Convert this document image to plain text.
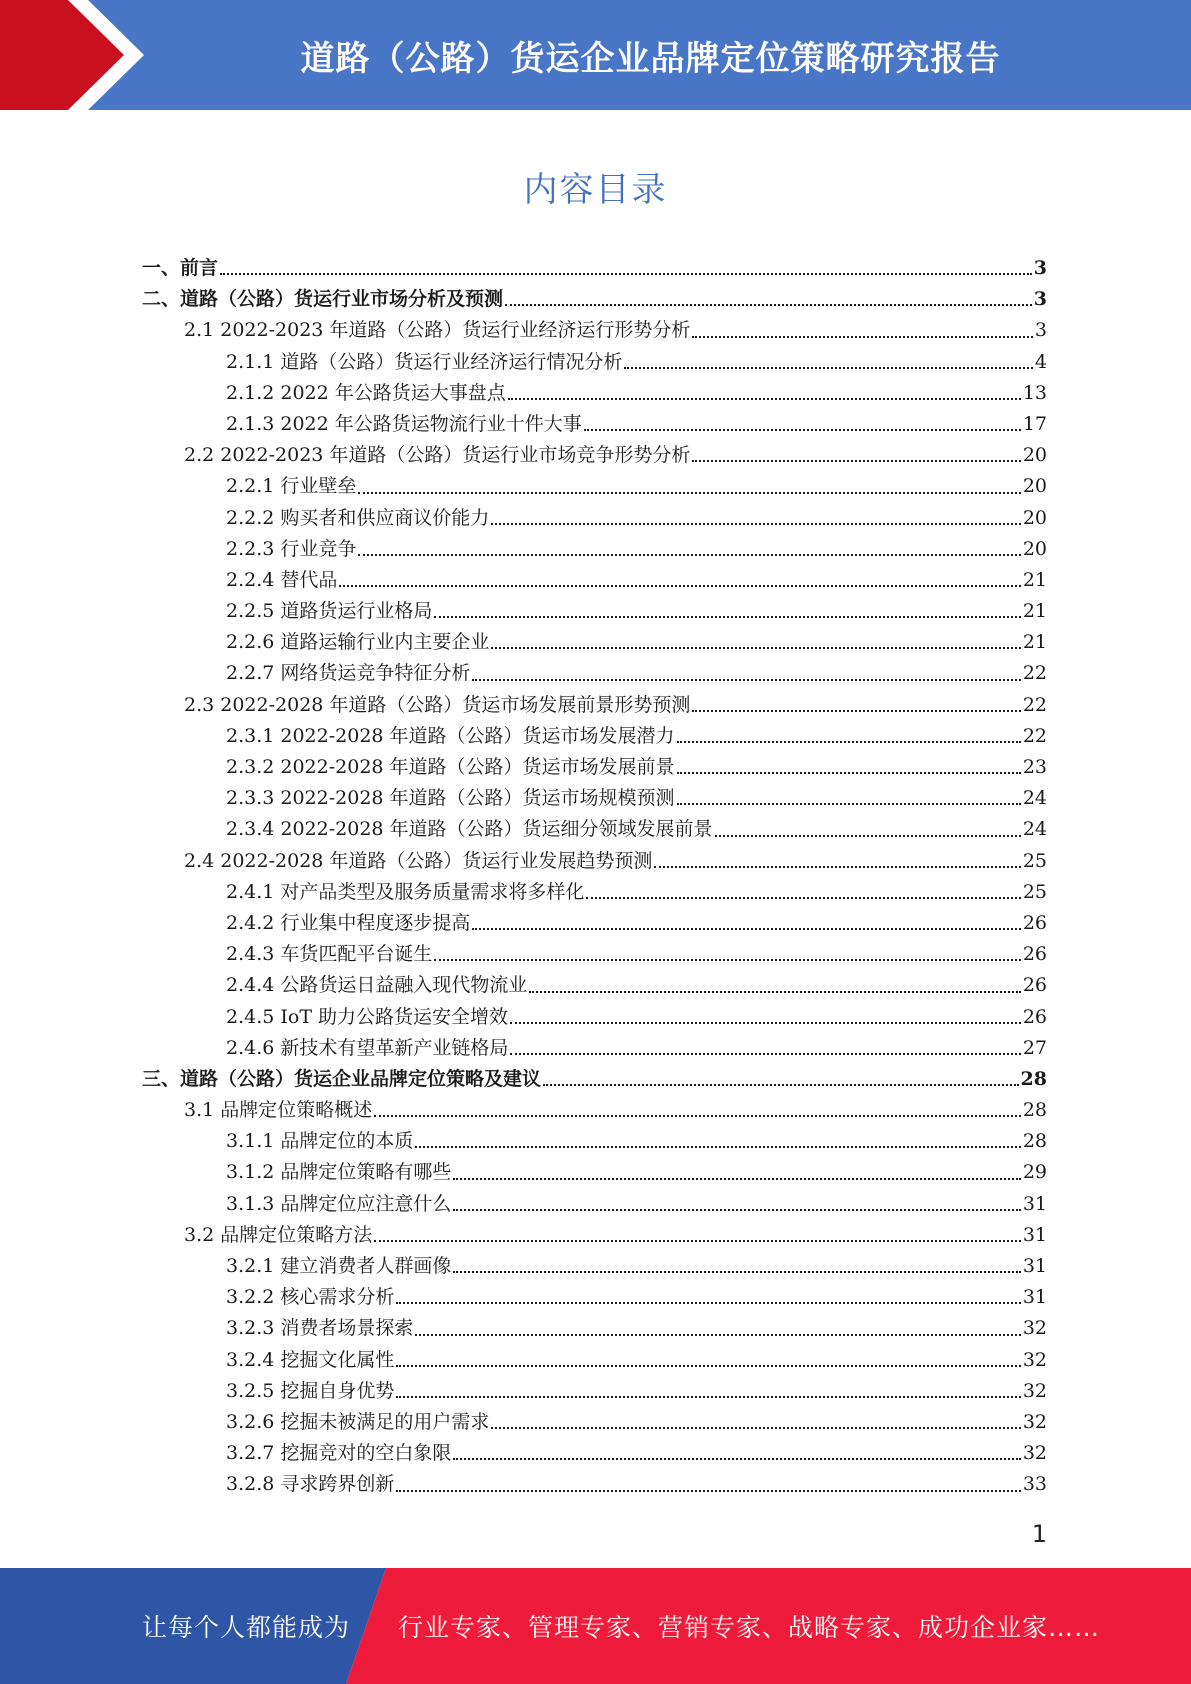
道路（公路）货运企业品牌定位策略研究报告
内容目录
一、前言	3
二、道路（公路）货运行业市场分析及预测	3
2.1 2022-2023 年道路（公路）货运行业经济运行形势分析	3
2.1.1 道路（公路）货运行业经济运行情况分析	4
2.1.2 2022 年公路货运大事盘点	13
2.1.3 2022 年公路货运物流行业十件大事	17
2.2 2022-2023 年道路（公路）货运行业市场竞争形势分析	20
2.2.1 行业壁垒	20
2.2.2 购买者和供应商议价能力	20
2.2.3 行业竞争	20
2.2.4 替代品	21
2.2.5 道路货运行业格局	21
2.2.6 道路运输行业内主要企业	21
2.2.7 网络货运竞争特征分析	22
2.3 2022-2028 年道路（公路）货运市场发展前景形势预测	22
2.3.1 2022-2028 年道路（公路）货运市场发展潜力	22
2.3.2 2022-2028 年道路（公路）货运市场发展前景	23
2.3.3 2022-2028 年道路（公路）货运市场规模预测	24
2.3.4 2022-2028 年道路（公路）货运细分领域发展前景	24
2.4 2022-2028 年道路（公路）货运行业发展趋势预测	25
2.4.1 对产品类型及服务质量需求将多样化	25
2.4.2 行业集中程度逐步提高	26
2.4.3 车货匹配平台诞生	26
2.4.4 公路货运日益融入现代物流业	26
2.4.5 IoT 助力公路货运安全增效	26
2.4.6 新技术有望革新产业链格局	27
三、道路（公路）货运企业品牌定位策略及建议	28
3.1 品牌定位策略概述	28
3.1.1 品牌定位的本质	28
3.1.2 品牌定位策略有哪些	29
3.1.3 品牌定位应注意什么	31
3.2 品牌定位策略方法	31
3.2.1 建立消费者人群画像	31
3.2.2 核心需求分析	31
3.2.3 消费者场景探索	32
3.2.4 挖掘文化属性	32
3.2.5 挖掘自身优势	32
3.2.6 挖掘未被满足的用户需求	32
3.2.7 挖掘竞对的空白象限	32
3.2.8 寻求跨界创新	33
1
让每个人都能成为 行业专家、管理专家、营销专家、战略专家、成功企业家……
